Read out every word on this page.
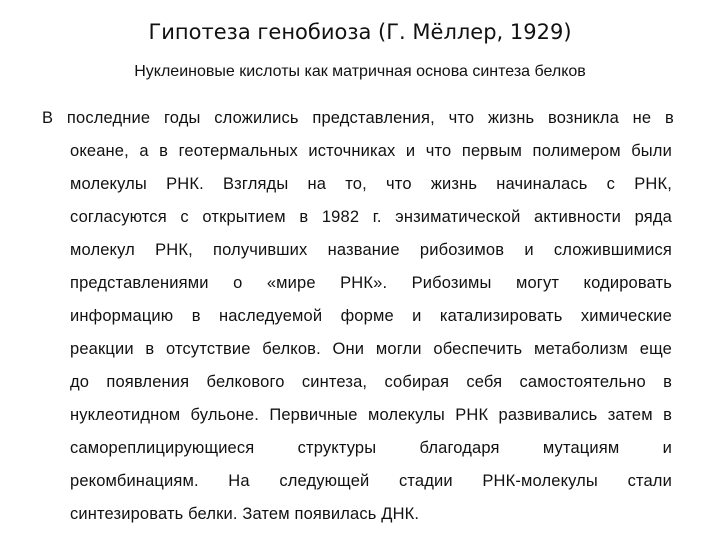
Гипотеза генобиоза (Г. Мёллер, 1929)
Нуклеиновые кислоты как матричная основа синтеза белков
В последние годы сложились представления, что жизнь возникла не в
океане, а в геотермальных источниках и что первым полимером были
молекулы РНК. Взгляды на то, что жизнь начиналась с РНК,
согласуются с открытием в 1982 г. энзиматической активности ряда
молекул РНК, получивших название рибозимов и сложившимися
представлениями о «мире РНК». Рибозимы могут кодировать
информацию в наследуемой форме и катализировать химические
реакции в отсутствие белков. Они могли обеспечить метаболизм еще
до появления белкового синтеза, собирая себя самостоятельно в
нуклеотидном бульоне. Первичные молекулы РНК развивались затем в
самореплицирующиеся	структуры	благодаря	мутациям	и
рекомбинациям. На следующей стадии РНК-молекулы стали
синтезировать белки. Затем появилась ДНК.
